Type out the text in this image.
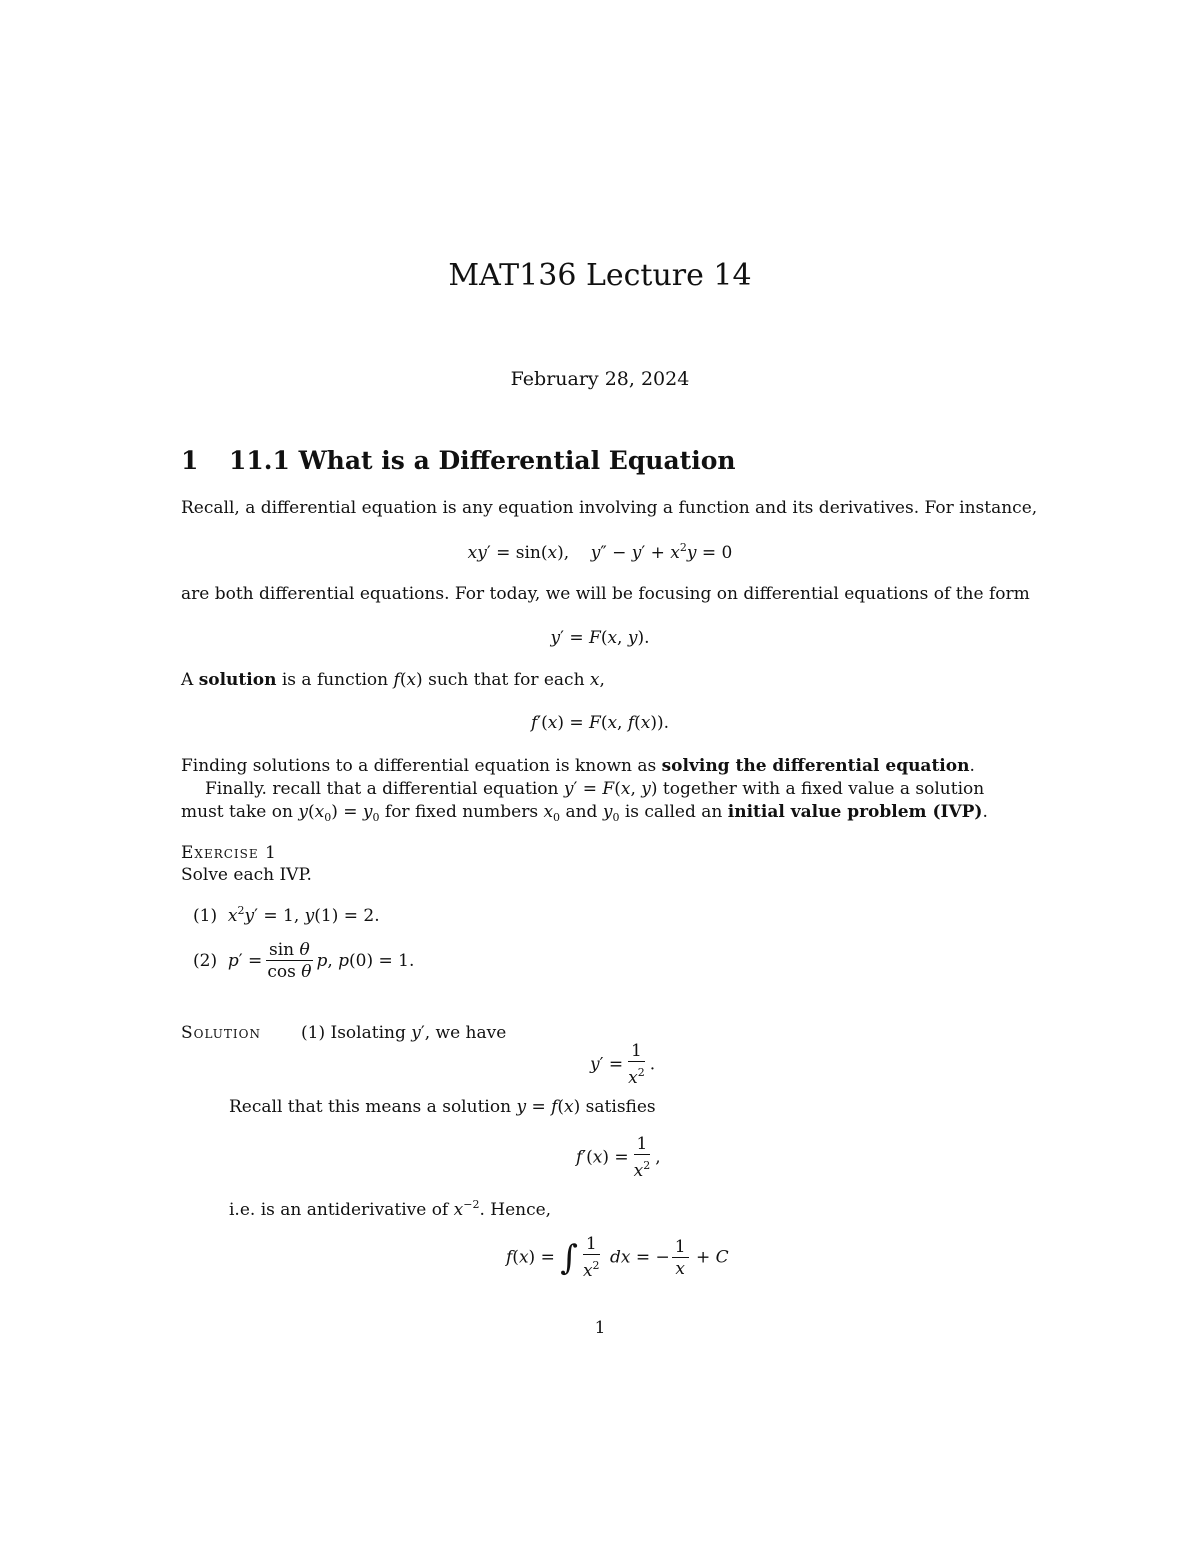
MAT136 Lecture 14
February 28, 2024
1 11.1 What is a Differential Equation
Recall, a differential equation is any equation involving a function and its derivatives. For instance,
xy′ = sin(x),    $y'' - y' + x^2y = 0$
are both differential equations. For today, we will be focusing on differential equations of the form
y′ = F(x, y).
A solution is a function f(x) such that for each x,
f′(x) = F(x, f(x)).
Finding solutions to a differential equation is known as solving the differential equation.
Finally. recall that a differential equation y′ = F(x, y) together with a fixed value a solution
must take on $y(x_0) = y_0$ for fixed numbers $x_0$ and $y_0$ is called an initial value problem (IVP).
Exercise 1
Solve each IVP.
(1) $x^2y' = 1$, y(1) = 2.
(2) $p' = \frac{\text{sin θ}}{\text{cos θ}} p$, p(0) = 1.
Solution (1) Isolating y′, we have
$y' = \frac{1}{x^2}$ .
Recall that this means a solution y = f(x) satisfies
$f'(x) = \frac{1}{x^2}$ ,
i.e. is an antiderivative of $x^{-2}$. Hence,
f(x) = ∫ $\frac{1}{x^2}$ dx = − $\frac{1}{x} + C$
1
